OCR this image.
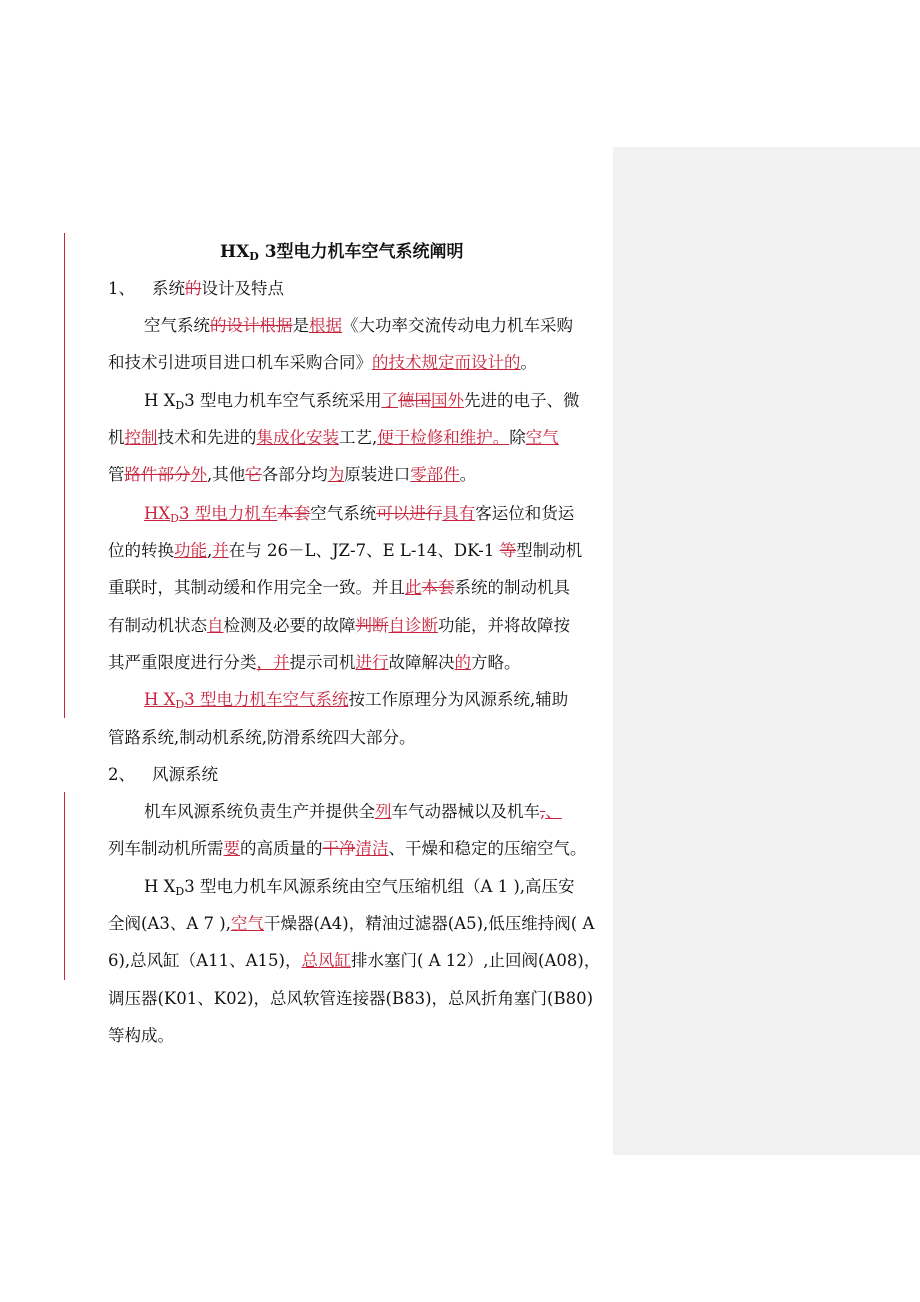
$HX_D$ 3型电力机车空气系统阐明
1、 系统的设计及特点
空气系统的设计根据是根据《大功率交流传动电力机车采购
和技术引进项目进口机车采购合同》的技术规定而设计的。
H $X_D3$ 型电力机车空气系统采用了德国国外先进的电子、微
机控制技术和先进的集成化安装工艺,便于检修和维护。除空气
管路件部分外,其他它各部分均为原装进口零部件。
$HX_D3$ 型电力机车本套空气系统可以进行具有客运位和货运
位的转换功能,并在与 26－L、JZ-7、E L-14、DK-1 等型制动机
重联时，其制动缓和作用完全一致。并且此本套系统的制动机具
有制动机状态自检测及必要的故障判断自诊断功能，并将故障按
其严重限度进行分类，并提示司机进行故障解决的方略。
H $X_D3$ 型电力机车空气系统按工作原理分为风源系统,辅助
管路系统,制动机系统,防滑系统四大部分。
2、 风源系统
机车风源系统负责生产并提供全列车气动器械以及机车,、
列车制动机所需要的高质量的干净清洁、干燥和稳定的压缩空气。
H $X_D3$ 型电力机车风源系统由空气压缩机组（A 1 ),高压安
全阀(A3、A 7 ),空气干燥器(A4)，精油过滤器(A5),低压维持阀( A
6),总风缸（A11、A15)，总风缸排水塞门( A 12）,止回阀(A08)，
调压器(K01、K02)，总风软管连接器(B83)，总风折角塞门(B80)
等构成。
